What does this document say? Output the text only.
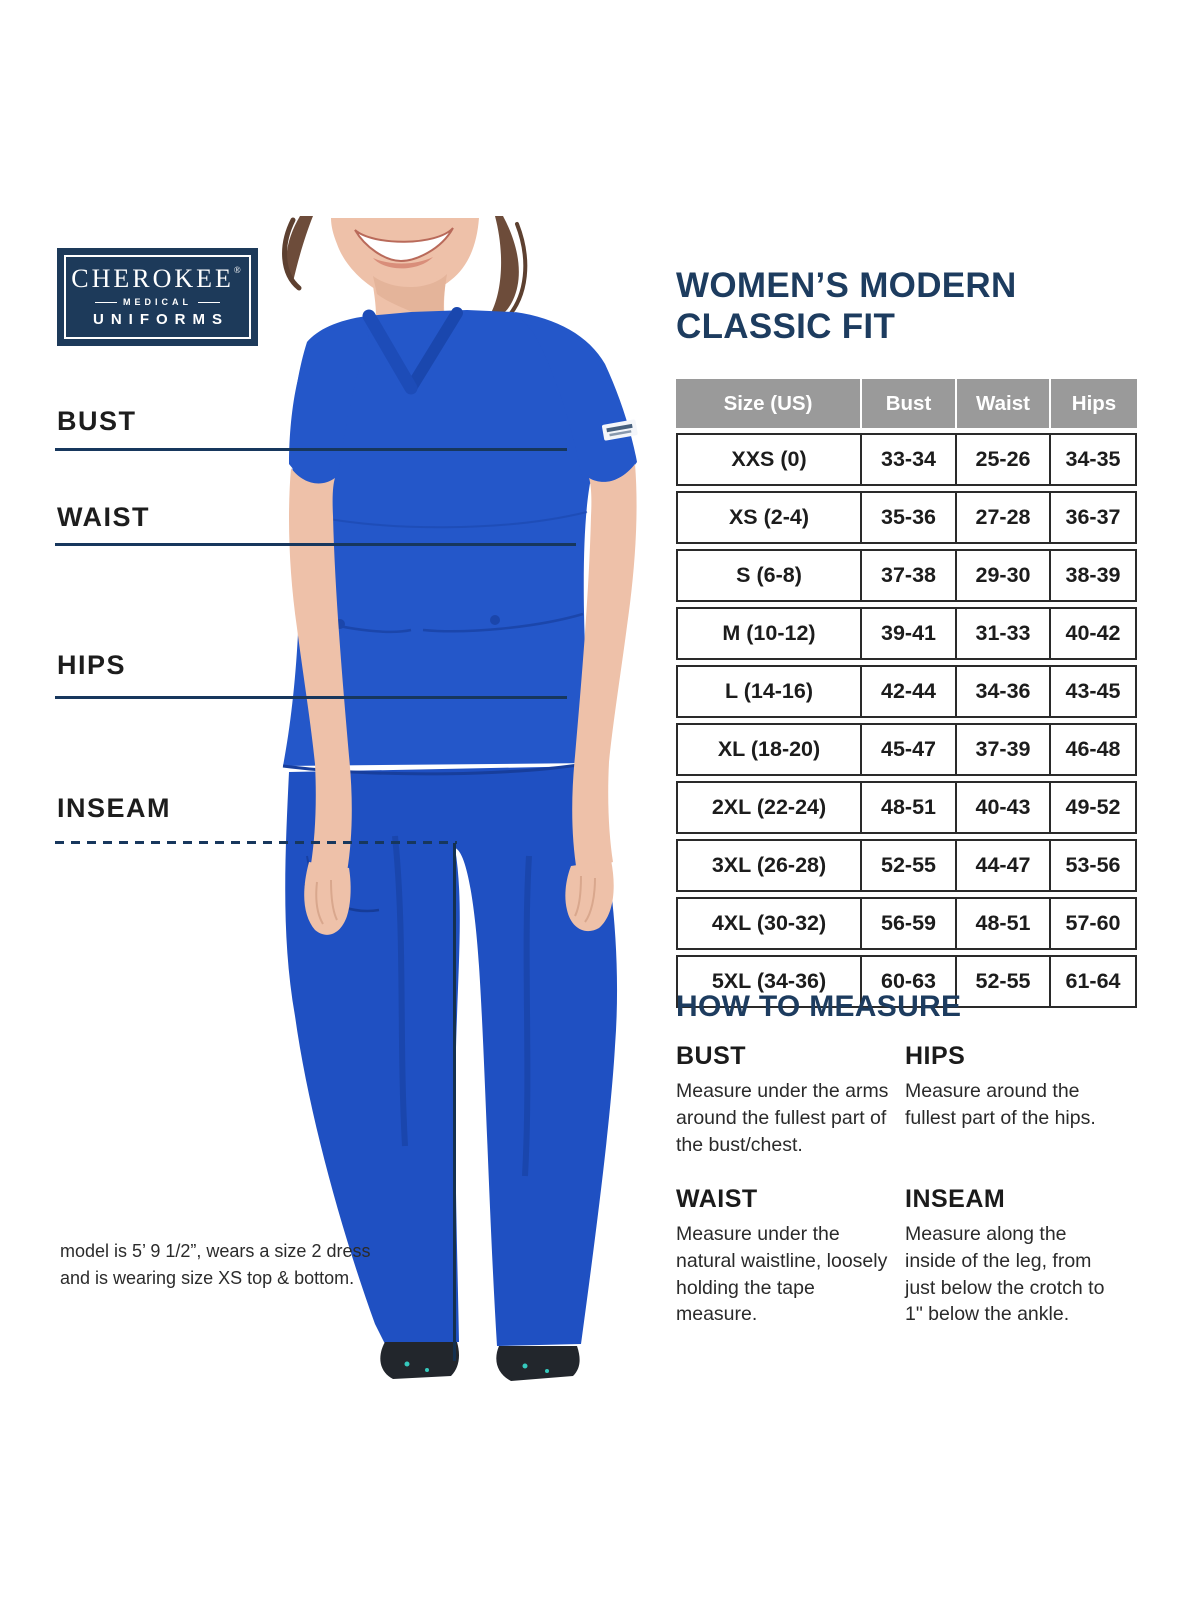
CHEROKEE®
MEDICAL
UNIFORMS
BUST
WAIST
HIPS
INSEAM
WOMEN’S MODERN
CLASSIC FIT
Size (US)	Bust	Waist	Hips
XXS (0)	33-34	25-26	34-35
XS (2-4)	35-36	27-28	36-37
S (6-8)	37-38	29-30	38-39
M (10-12)	39-41	31-33	40-42
L (14-16)	42-44	34-36	43-45
XL (18-20)	45-47	37-39	46-48
2XL (22-24)	48-51	40-43	49-52
3XL (26-28)	52-55	44-47	53-56
4XL (30-32)	56-59	48-51	57-60
5XL (34-36)	60-63	52-55	61-64
HOW TO MEASURE
BUST

Measure under the arms around the fullest part of the bust/chest.

HIPS

Measure around the fullest part of the hips.

WAIST

Measure under the natural waistline, loosely holding the tape measure.

INSEAM

Measure along the inside of the leg, from just below the crotch to 1" below the ankle.

model is 5’ 9 1/2”, wears a size 2 dress
and is wearing size XS top & bottom.
